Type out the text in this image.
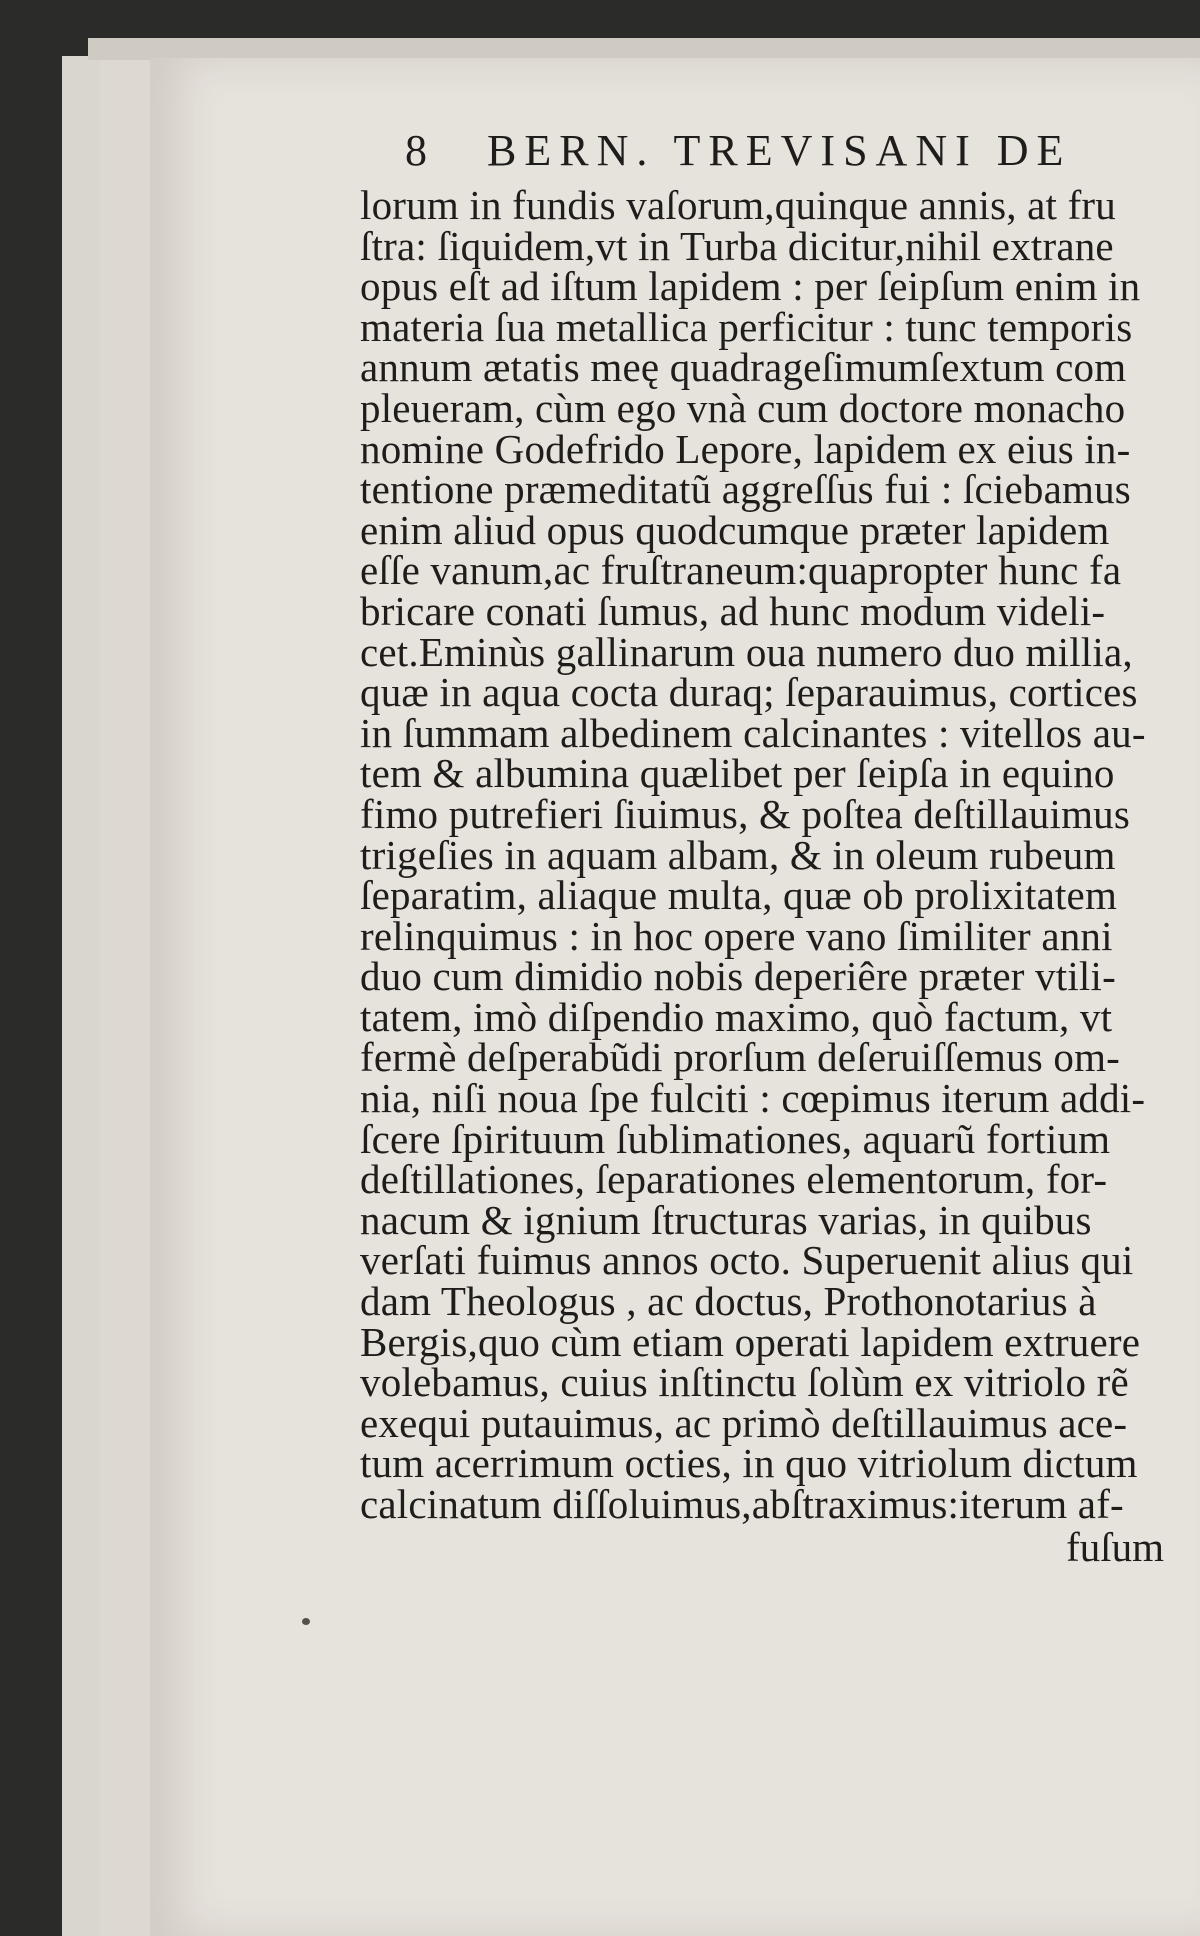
8 BERN. TREVISANI DE
lorum in fundis vaſorum,quinque annis, at fru
ſtra: ſiquidem,vt in Turba dicitur,nihil extrane
opus eſt ad iſtum lapidem : per ſeipſum enim in
materia ſua metallica perficitur : tunc temporis
annum ætatis meę quadrageſimumſextum com
pleueram, cùm ego vnà cum doctore monacho
nomine Godefrido Lepore, lapidem ex eius in-
tentione præmeditatũ aggreſſus fui : ſciebamus
enim aliud opus quodcumque præter lapidem
eſſe vanum,ac fruſtraneum:quapropter hunc fa
bricare conati ſumus, ad hunc modum videli-
cet.Eminùs gallinarum oua numero duo millia,
quæ in aqua cocta duraq; ſeparauimus, cortices
in ſummam albedinem calcinantes : vitellos au-
tem & albumina quælibet per ſeipſa in equino
fimo putrefieri ſiuimus, & poſtea deſtillauimus
trigeſies in aquam albam, & in oleum rubeum
ſeparatim, aliaque multa, quæ ob prolixitatem
relinquimus : in hoc opere vano ſimiliter anni
duo cum dimidio nobis deperiêre præter vtili-
tatem, imò diſpendio maximo, quò factum, vt
fermè deſperabũdi prorſum deſeruiſſemus om-
nia, niſi noua ſpe fulciti : cœpimus iterum addi-
ſcere ſpirituum ſublimationes, aquarũ fortium
deſtillationes, ſeparationes elementorum, for-
nacum & ignium ſtructuras varias, in quibus
verſati fuimus annos octo. Superuenit alius qui
dam Theologus , ac doctus, Prothonotarius à
Bergis,quo cùm etiam operati lapidem extruere
volebamus, cuius inſtinctu ſolùm ex vitriolo rẽ
exequi putauimus, ac primò deſtillauimus ace-
tum acerrimum octies, in quo vitriolum dictum
calcinatum diſſoluimus,abſtraximus:iterum af-
fuſum
